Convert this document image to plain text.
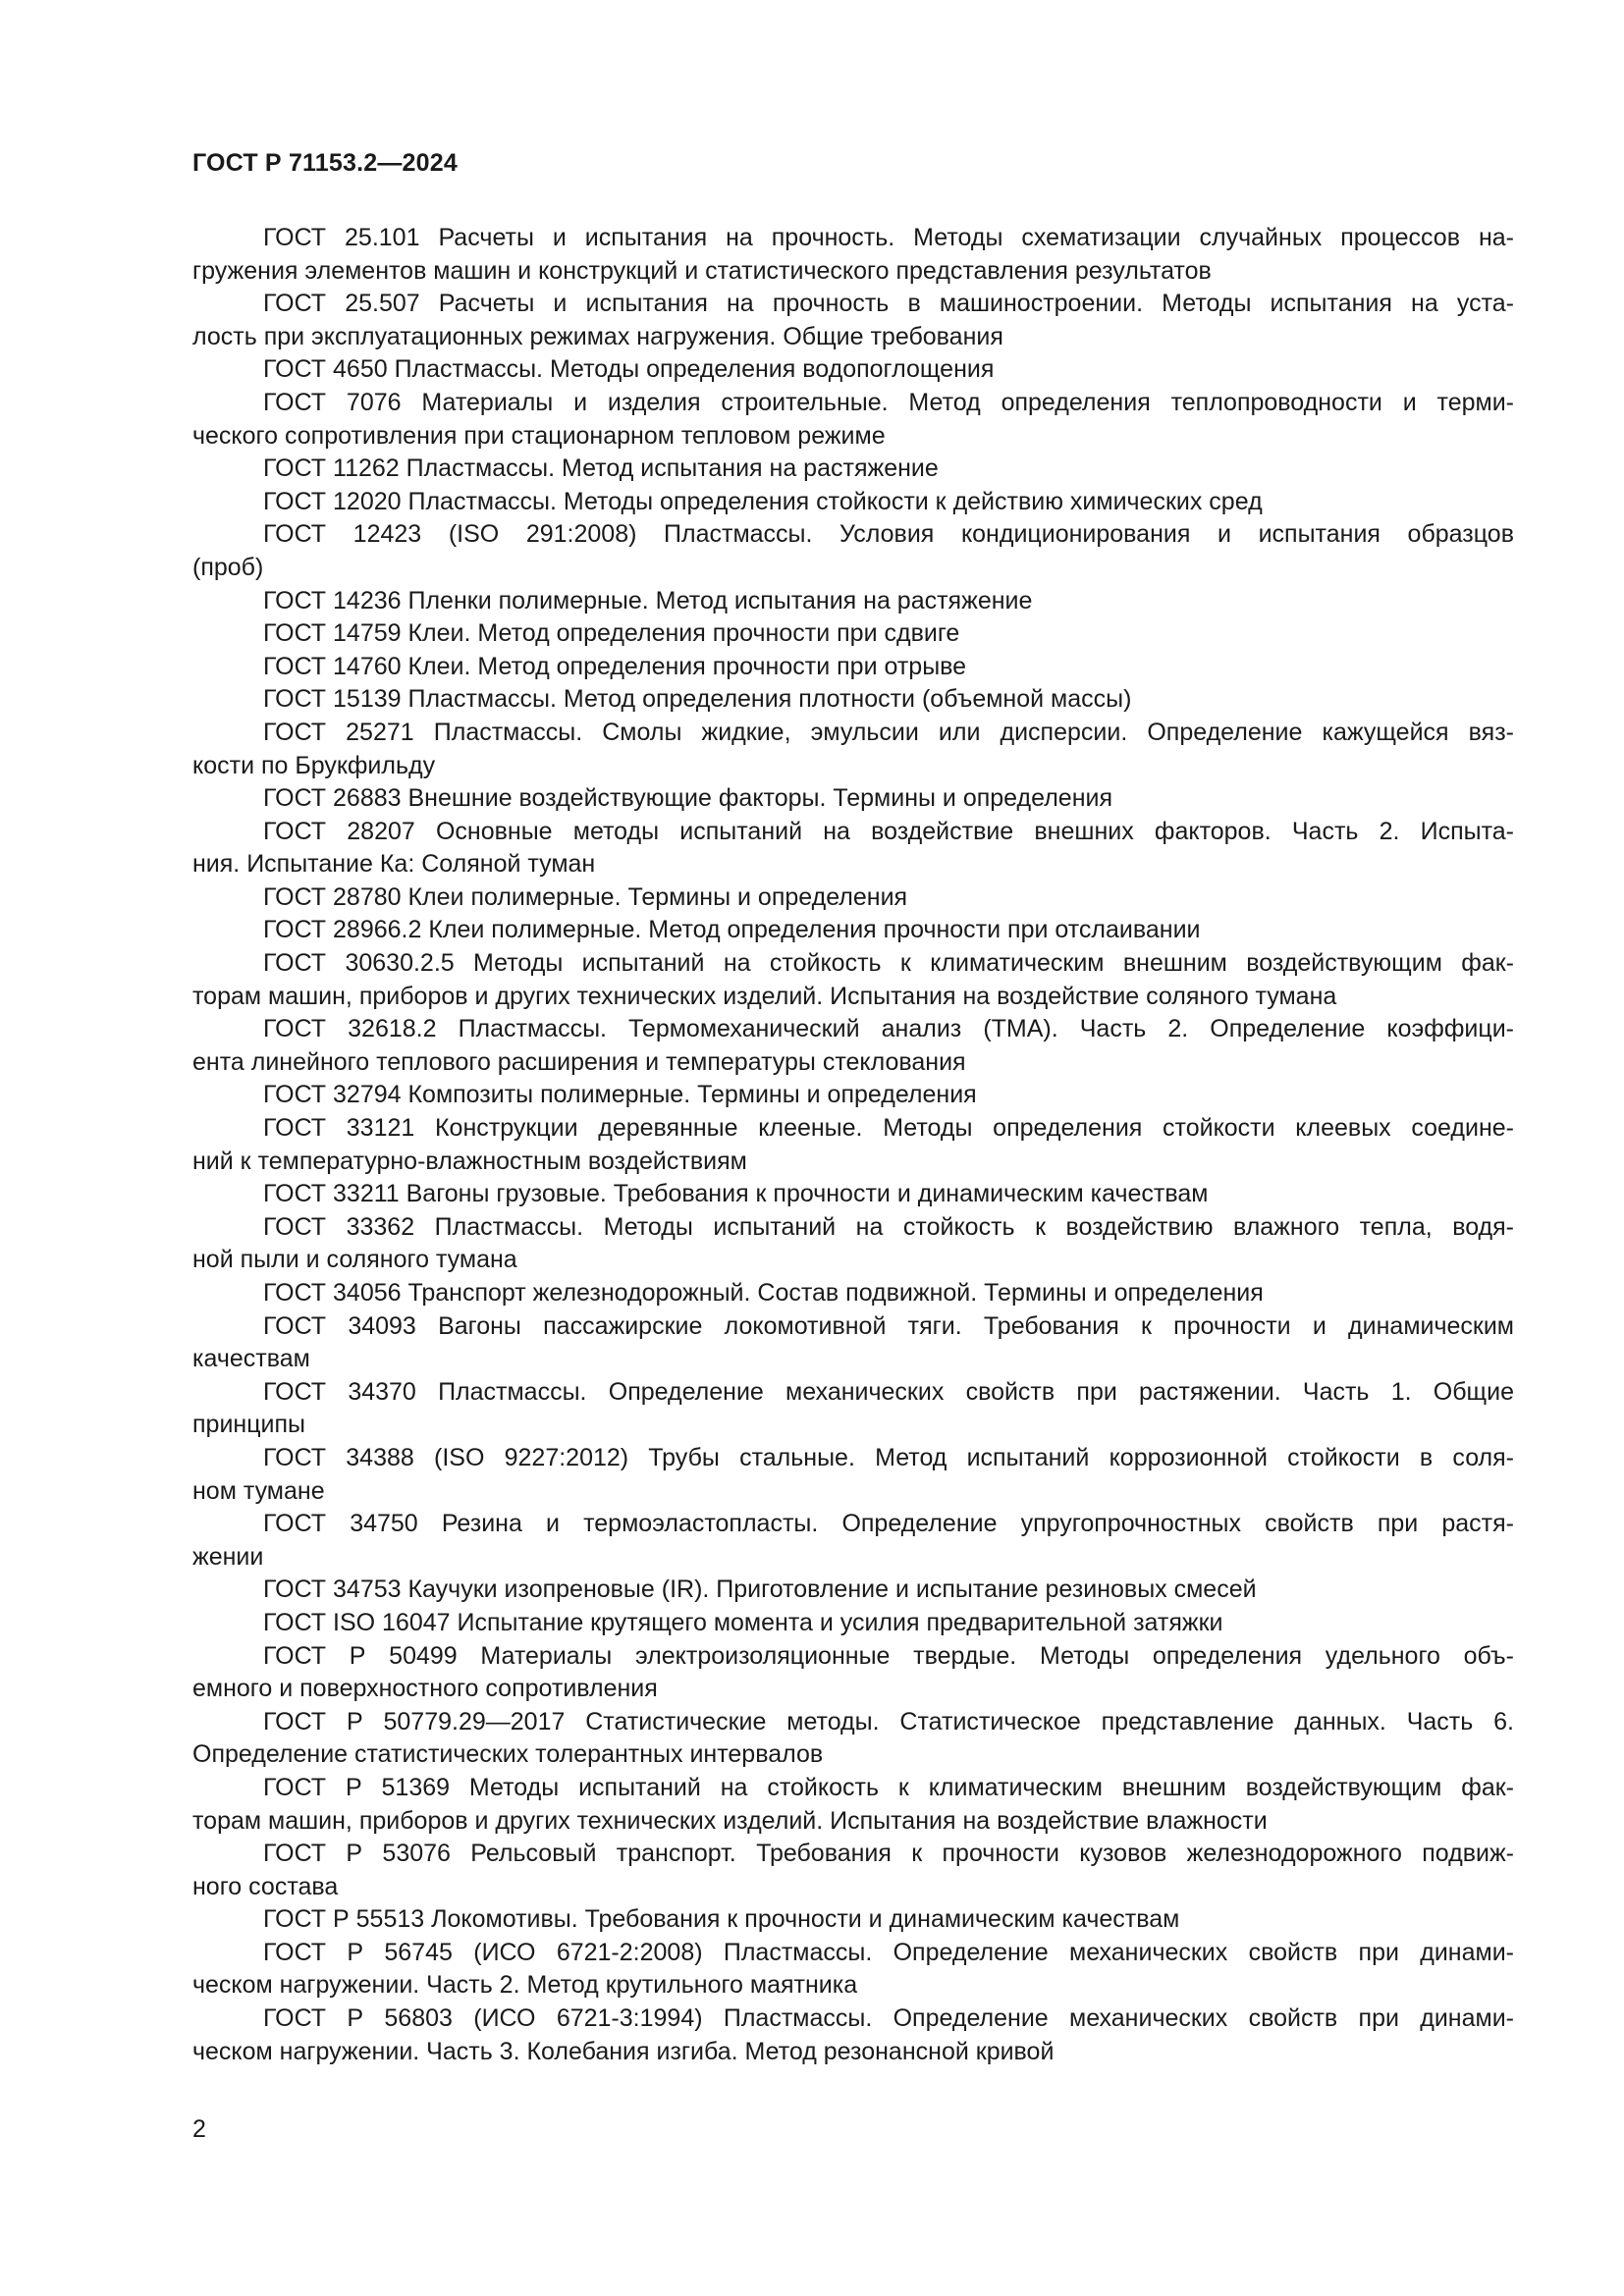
ГОСТ Р 71153.2—2024
ГОСТ 25.101 Расчеты и испытания на прочность. Методы схематизации случайных процессов на-
гружения элементов машин и конструкций и статистического представления результатов
ГОСТ 25.507 Расчеты и испытания на прочность в машиностроении. Методы испытания на уста-
лость при эксплуатационных режимах нагружения. Общие требования
ГОСТ 4650 Пластмассы. Методы определения водопоглощения
ГОСТ 7076 Материалы и изделия строительные. Метод определения теплопроводности и терми-
ческого сопротивления при стационарном тепловом режиме
ГОСТ 11262 Пластмассы. Метод испытания на растяжение
ГОСТ 12020 Пластмассы. Методы определения стойкости к действию химических сред
ГОСТ 12423 (ISO 291:2008) Пластмассы. Условия кондиционирования и испытания образцов
(проб)
ГОСТ 14236 Пленки полимерные. Метод испытания на растяжение
ГОСТ 14759 Клеи. Метод определения прочности при сдвиге
ГОСТ 14760 Клеи. Метод определения прочности при отрыве
ГОСТ 15139 Пластмассы. Метод определения плотности (объемной массы)
ГОСТ 25271 Пластмассы. Смолы жидкие, эмульсии или дисперсии. Определение кажущейся вяз-
кости по Брукфильду
ГОСТ 26883 Внешние воздействующие факторы. Термины и определения
ГОСТ 28207 Основные методы испытаний на воздействие внешних факторов. Часть 2. Испыта-
ния. Испытание Ка: Соляной туман
ГОСТ 28780 Клеи полимерные. Термины и определения
ГОСТ 28966.2 Клеи полимерные. Метод определения прочности при отслаивании
ГОСТ 30630.2.5 Методы испытаний на стойкость к климатическим внешним воздействующим фак-
торам машин, приборов и других технических изделий. Испытания на воздействие соляного тумана
ГОСТ 32618.2 Пластмассы. Термомеханический анализ (ТМА). Часть 2. Определение коэффици-
ента линейного теплового расширения и температуры стеклования
ГОСТ 32794 Композиты полимерные. Термины и определения
ГОСТ 33121 Конструкции деревянные клееные. Методы определения стойкости клеевых соедине-
ний к температурно-влажностным воздействиям
ГОСТ 33211 Вагоны грузовые. Требования к прочности и динамическим качествам
ГОСТ 33362 Пластмассы. Методы испытаний на стойкость к воздействию влажного тепла, водя-
ной пыли и соляного тумана
ГОСТ 34056 Транспорт железнодорожный. Состав подвижной. Термины и определения
ГОСТ 34093 Вагоны пассажирские локомотивной тяги. Требования к прочности и динамическим
качествам
ГОСТ 34370 Пластмассы. Определение механических свойств при растяжении. Часть 1. Общие
принципы
ГОСТ 34388 (ISO 9227:2012) Трубы стальные. Метод испытаний коррозионной стойкости в соля-
ном тумане
ГОСТ 34750 Резина и термоэластопласты. Определение упругопрочностных свойств при растя-
жении
ГОСТ 34753 Каучуки изопреновые (IR). Приготовление и испытание резиновых смесей
ГОСТ ISO 16047 Испытание крутящего момента и усилия предварительной затяжки
ГОСТ Р 50499 Материалы электроизоляционные твердые. Методы определения удельного объ-
емного и поверхностного сопротивления
ГОСТ Р 50779.29—2017 Статистические методы. Статистическое представление данных. Часть 6.
Определение статистических толерантных интервалов
ГОСТ Р 51369 Методы испытаний на стойкость к климатическим внешним воздействующим фак-
торам машин, приборов и других технических изделий. Испытания на воздействие влажности
ГОСТ Р 53076 Рельсовый транспорт. Требования к прочности кузовов железнодорожного подвиж-
ного состава
ГОСТ Р 55513 Локомотивы. Требования к прочности и динамическим качествам
ГОСТ Р 56745 (ИСО 6721-2:2008) Пластмассы. Определение механических свойств при динами-
ческом нагружении. Часть 2. Метод крутильного маятника
ГОСТ Р 56803 (ИСО 6721-3:1994) Пластмассы. Определение механических свойств при динами-
ческом нагружении. Часть 3. Колебания изгиба. Метод резонансной кривой
2
